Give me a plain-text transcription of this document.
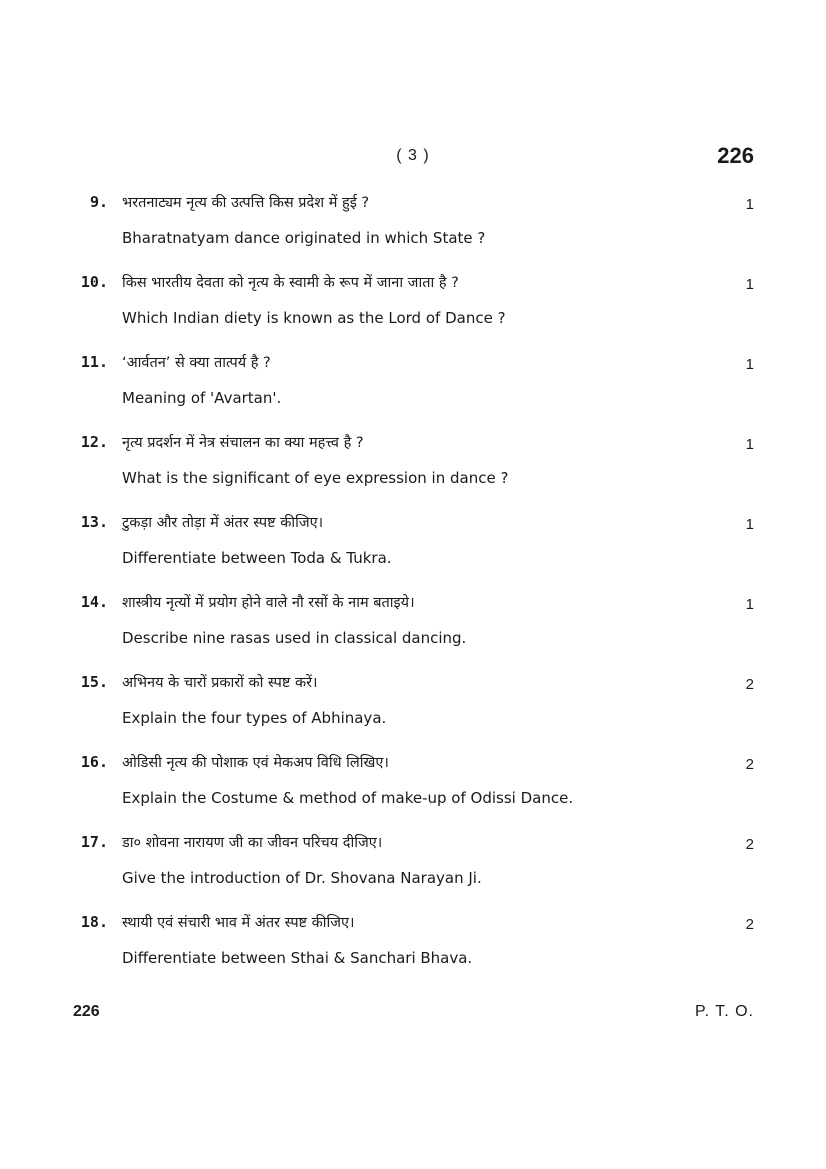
( 3 )	226
9. भरतनाट्यम नृत्य की उत्पत्ति किस प्रदेश में हुई ?
Bharatnatyam dance originated in which State ?
1
10. किस भारतीय देवता को नृत्य के स्वामी के रूप में जाना जाता है ?
Which Indian diety is known as the Lord of Dance ?
1
11. ‘आर्वतन’ से क्या तात्पर्य है ?
Meaning of 'Avartan'.
1
12. नृत्य प्रदर्शन में नेत्र संचालन का क्या महत्त्व है ?
What is the significant of eye expression in dance ?
1
13. टुकड़ा और तोड़ा में अंतर स्पष्ट कीजिए।
Differentiate between Toda & Tukra.
1
14. शास्त्रीय नृत्यों में प्रयोग होने वाले नौ रसों के नाम बताइये।
Describe nine rasas used in classical dancing.
1
15. अभिनय के चारों प्रकारों को स्पष्ट करें।
Explain the four types of Abhinaya.
2
16. ओडिसी नृत्य की पोशाक एवं मेकअप विधि लिखिए।
Explain the Costume & method of make-up of Odissi Dance.
2
17. डा० शोवना नारायण जी का जीवन परिचय दीजिए।
Give the introduction of Dr. Shovana Narayan Ji.
2
18. स्थायी एवं संचारी भाव में अंतर स्पष्ट कीजिए।
Differentiate between Sthai & Sanchari Bhava.
2
226	P. T. O.
